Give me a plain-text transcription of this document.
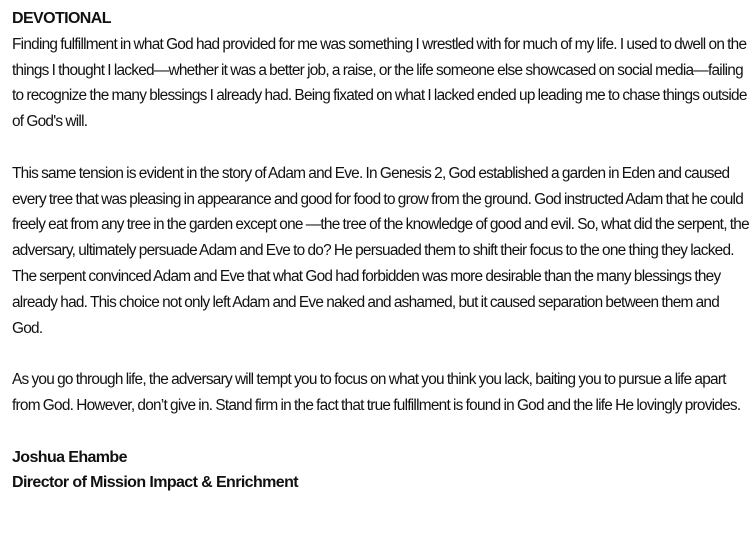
DEVOTIONAL

Finding fulfillment in what God had provided for me was something I wrestled with for much of my life. I used to dwell on the things I thought I lacked—whether it was a better job, a raise, or the life someone else showcased on social media—failing to recognize the many blessings I already had. Being fixated on what I lacked ended up leading me to chase things outside of God's will.

This same tension is evident in the story of Adam and Eve. In Genesis 2, God established a garden in Eden and caused every tree that was pleasing in appearance and good for food to grow from the ground. God instructed Adam that he could freely eat from any tree in the garden except one —the tree of the knowledge of good and evil. So, what did the serpent, the adversary, ultimately persuade Adam and Eve to do? He persuaded them to shift their focus to the one thing they lacked. The serpent convinced Adam and Eve that what God had forbidden was more desirable than the many blessings they already had. This choice not only left Adam and Eve naked and ashamed, but it caused separation between them and God.

As you go through life, the adversary will tempt you to focus on what you think you lack, baiting you to pursue a life apart from God. However, don’t give in. Stand firm in the fact that true fulfillment is found in God and the life He lovingly provides.

Joshua Ehambe
Director of Mission Impact & Enrichment
